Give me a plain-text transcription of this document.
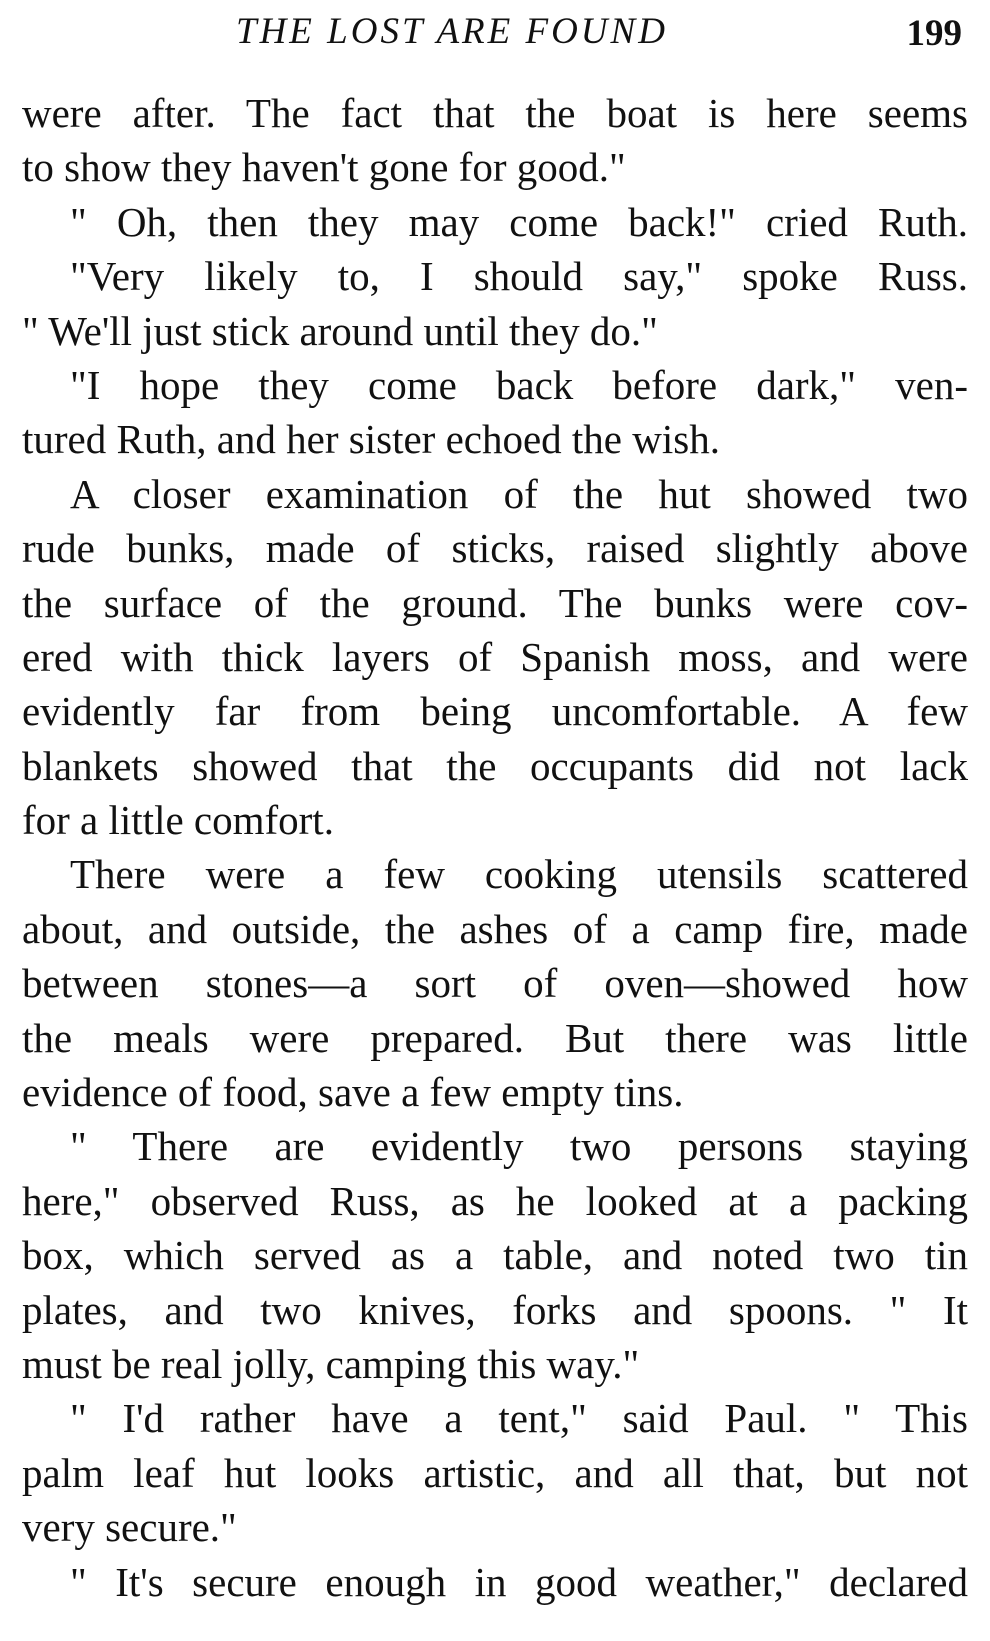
THE LOST ARE FOUND	199
were after. The fact that the boat is here seems
to show they haven't gone for good."
" Oh, then they may come back!" cried Ruth.
"Very likely to, I should say," spoke Russ.
" We'll just stick around until they do."
"I hope they come back before dark," ven-
tured Ruth, and her sister echoed the wish.
A closer examination of the hut showed two
rude bunks, made of sticks, raised slightly above
the surface of the ground. The bunks were cov-
ered with thick layers of Spanish moss, and were
evidently far from being uncomfortable. A few
blankets showed that the occupants did not lack
for a little comfort.
There were a few cooking utensils scattered
about, and outside, the ashes of a camp fire, made
between stones—a sort of oven—showed how
the meals were prepared. But there was little
evidence of food, save a few empty tins.
" There are evidently two persons staying
here," observed Russ, as he looked at a packing
box, which served as a table, and noted two tin
plates, and two knives, forks and spoons. " It
must be real jolly, camping this way."
" I'd rather have a tent," said Paul. " This
palm leaf hut looks artistic, and all that, but not
very secure."
" It's secure enough in good weather," declared
